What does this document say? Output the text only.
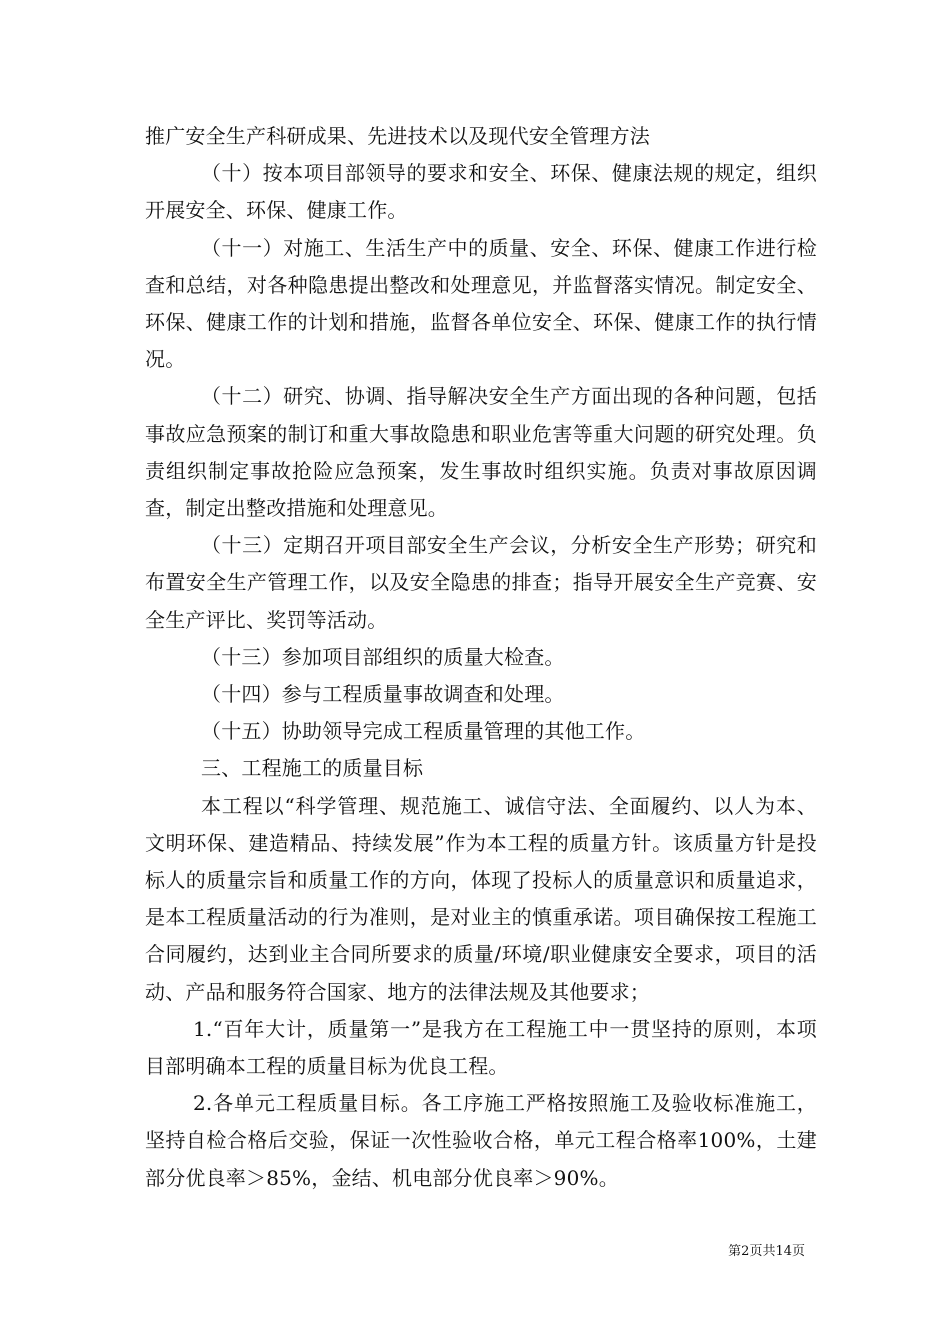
推广安全生产科研成果、先进技术以及现代安全管理方法

（十）按本项目部领导的要求和安全、环保、健康法规的规定，组织开展安全、环保、健康工作。

（十一）对施工、生活生产中的质量、安全、环保、健康工作进行检查和总结，对各种隐患提出整改和处理意见，并监督落实情况。制定安全、环保、健康工作的计划和措施，监督各单位安全、环保、健康工作的执行情况。

（十二）研究、协调、指导解决安全生产方面出现的各种问题，包括事故应急预案的制订和重大事故隐患和职业危害等重大问题的研究处理。负责组织制定事故抢险应急预案，发生事故时组织实施。负责对事故原因调查，制定出整改措施和处理意见。

（十三）定期召开项目部安全生产会议，分析安全生产形势；研究和布置安全生产管理工作，以及安全隐患的排查；指导开展安全生产竞赛、安全生产评比、奖罚等活动。

（十三）参加项目部组织的质量大检查。

（十四）参与工程质量事故调查和处理。

（十五）协助领导完成工程质量管理的其他工作。

三、工程施工的质量目标

本工程以“科学管理、规范施工、诚信守法、全面履约、以人为本、文明环保、建造精品、持续发展”作为本工程的质量方针。该质量方针是投标人的质量宗旨和质量工作的方向，体现了投标人的质量意识和质量追求，是本工程质量活动的行为准则，是对业主的慎重承诺。项目确保按工程施工合同履约，达到业主合同所要求的质量/环境/职业健康安全要求，项目的活动、产品和服务符合国家、地方的法律法规及其他要求；

1.“百年大计，质量第一”是我方在工程施工中一贯坚持的原则，本项目部明确本工程的质量目标为优良工程。

2.各单元工程质量目标。各工序施工严格按照施工及验收标准施工，坚持自检合格后交验，保证一次性验收合格，单元工程合格率100%，土建部分优良率＞85%，金结、机电部分优良率＞90%。

第2页共14页
